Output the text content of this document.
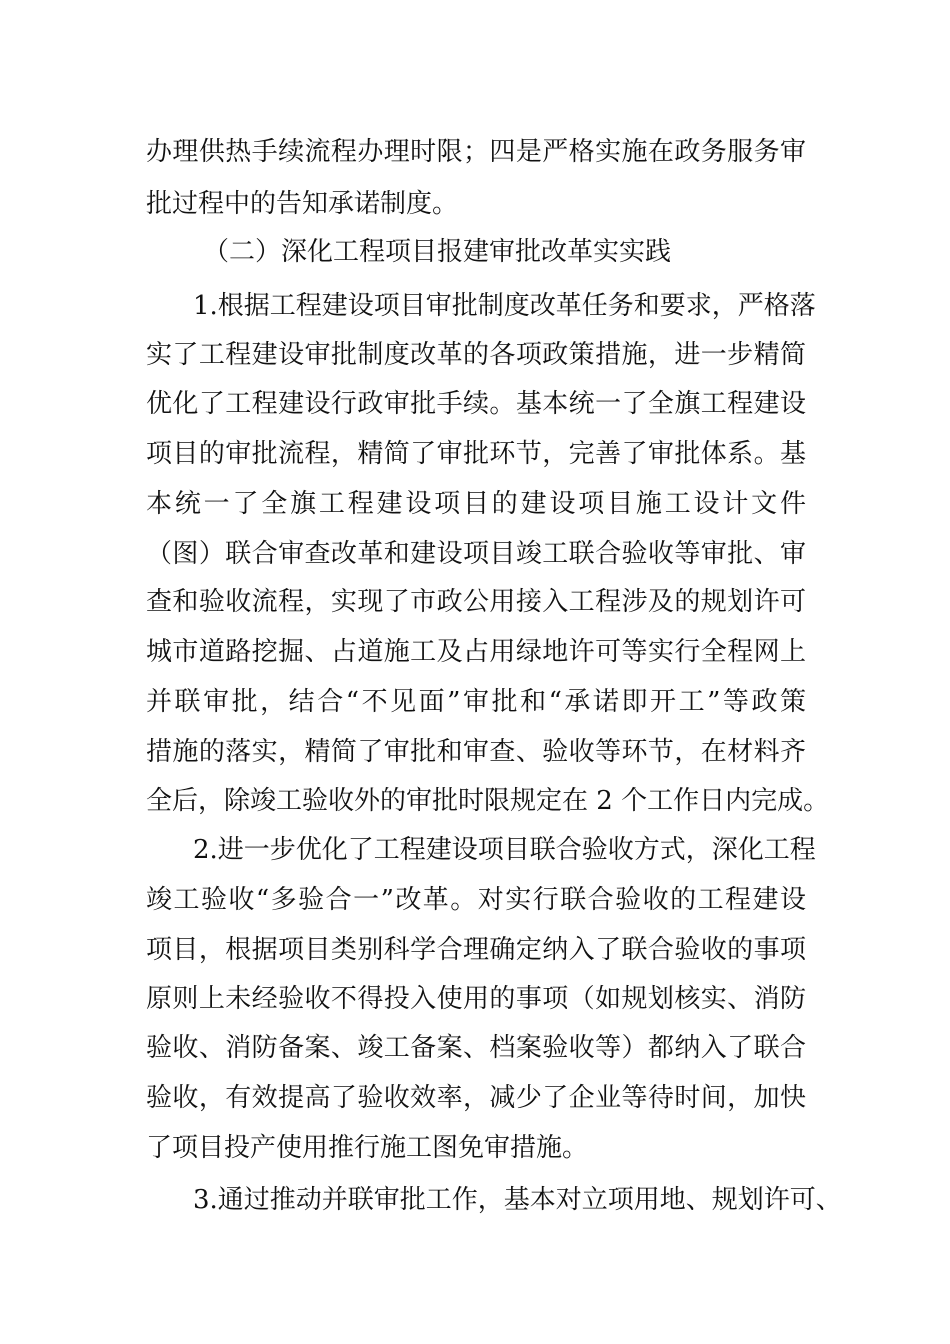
办理供热手续流程办理时限；四是严格实施在政务服务审
批过程中的告知承诺制度。
（二）深化工程项目报建审批改革实实践
1.根据工程建设项目审批制度改革任务和要求，严格落
实了工程建设审批制度改革的各项政策措施，进一步精简
优化了工程建设行政审批手续。基本统一了全旗工程建设
项目的审批流程，精简了审批环节，完善了审批体系。基
本统一了全旗工程建设项目的建设项目施工设计文件
（图）联合审查改革和建设项目竣工联合验收等审批、审
查和验收流程，实现了市政公用接入工程涉及的规划许可
城市道路挖掘、占道施工及占用绿地许可等实行全程网上
并联审批，结合“不见面”审批和“承诺即开工”等政策
措施的落实，精简了审批和审查、验收等环节，在材料齐
全后，除竣工验收外的审批时限规定在 2 个工作日内完成。
2.进一步优化了工程建设项目联合验收方式，深化工程
竣工验收“多验合一”改革。对实行联合验收的工程建设
项目，根据项目类别科学合理确定纳入了联合验收的事项
原则上未经验收不得投入使用的事项（如规划核实、消防
验收、消防备案、竣工备案、档案验收等）都纳入了联合
验收，有效提高了验收效率，减少了企业等待时间，加快
了项目投产使用推行施工图免审措施。
3.通过推动并联审批工作，基本对立项用地、规划许可、
